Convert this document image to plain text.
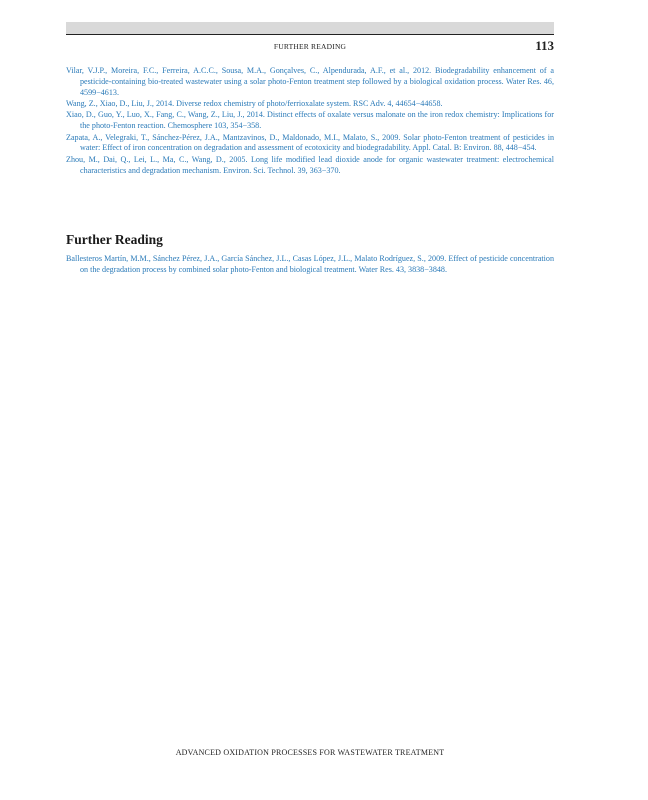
FURTHER READING	113
Vilar, V.J.P., Moreira, F.C., Ferreira, A.C.C., Sousa, M.A., Gonçalves, C., Alpendurada, A.F., et al., 2012. Biodegradability enhancement of a pesticide-containing bio-treated wastewater using a solar photo-Fenton treatment step followed by a biological oxidation process. Water Res. 46, 4599−4613.
Wang, Z., Xiao, D., Liu, J., 2014. Diverse redox chemistry of photo/ferrioxalate system. RSC Adv. 4, 44654−44658.
Xiao, D., Guo, Y., Luo, X., Fang, C., Wang, Z., Liu, J., 2014. Distinct effects of oxalate versus malonate on the iron redox chemistry: Implications for the photo-Fenton reaction. Chemosphere 103, 354−358.
Zapata, A., Velegraki, T., Sánchez-Pérez, J.A., Mantzavinos, D., Maldonado, M.I., Malato, S., 2009. Solar photo-Fenton treatment of pesticides in water: Effect of iron concentration on degradation and assessment of ecotoxicity and biodegradability. Appl. Catal. B: Environ. 88, 448−454.
Zhou, M., Dai, Q., Lei, L., Ma, C., Wang, D., 2005. Long life modified lead dioxide anode for organic wastewater treatment: electrochemical characteristics and degradation mechanism. Environ. Sci. Technol. 39, 363−370.
Further Reading
Ballesteros Martín, M.M., Sánchez Pérez, J.A., García Sánchez, J.L., Casas López, J.L., Malato Rodríguez, S., 2009. Effect of pesticide concentration on the degradation process by combined solar photo-Fenton and biological treatment. Water Res. 43, 3838−3848.
ADVANCED OXIDATION PROCESSES FOR WASTEWATER TREATMENT
